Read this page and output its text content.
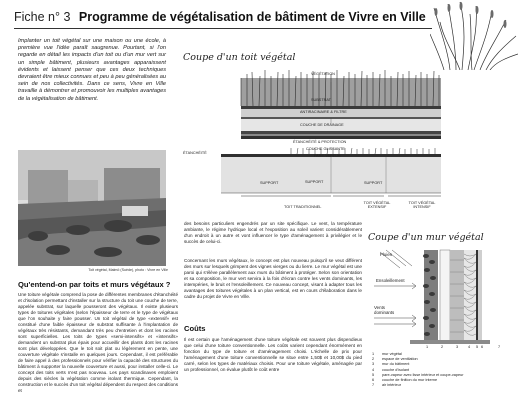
Fiche n° 3 Programme de végétalisation de bâtiment de Vivre en Ville

Implanter un toit végétal sur une maison ou une école, à première vue l'idée paraît saugrenue. Pourtant, si l'on regarde en détail les impacts d'un toit ou d'un mur vert sur un simple bâtiment, plusieurs avantages apparaissent évidents et laissent penser que ces deux techniques devraient être mieux connues et peu à peu généralisées au sein de nos collectivités. Dans ce sens, Vivre en Ville travaille à démontrer et promouvoir les multiples avantages de la végétalisation de bâtiment.

Toit végétal, Malmö (Suède), photo : Vivre en Ville
Qu'entend-on par toits et murs végétaux ?

Une toiture végétale comprend la pose de différentes membranes d'étanchéité et d'isolation permettant d'installer sur la structure du toit une couche de terre, appelée substrat, sur laquelle pousseront des végétaux. Il existe plusieurs types de toitures végétales (selon l'épaisseur de terre et le type de végétaux que l'on souhaite y faire pousser. Un toit végétal de type «extensif» est constitué d'une faible épaisseur de substrat suffisante à l'implantation de végétaux très résistants, demandant très peu d'entretien et dont les racines sont superficielles. Les toits de types «semi-intensifs» et «intensifs» demandent un substrat plus épais pour accueillir des plants dont les racines sont plus développées. Que le toit soit plat ou légèrement en pente, une couverture végétale s'installe en quelques jours. Cependant, il est préférable de faire appel à des professionnels pour vérifier la capacité des structures du bâtiment à supporter la nouvelle couverture et aussi, pour installer celle-ci. Le concept des toits verts n'est pas nouveau. Les pays scandinaves emploient depuis des siècles la végétation comme isolant thermique. Cependant, la construction et le succès d'un toit végétal dépendent du respect des conditions et

Coupe d'un toit végétal
VÉGÉTATION
SUBSTRAT
ANTIRACINAIRE & FILTRE
COUCHE DE DRAINAGE
ÉTANCHÉITÉ & PROTECTION
COUCHE GLISSANTE
PARE-VAPEUR
SUPPORT
ÉTANCHÉITÉ
SUPPORT	SUPPORT
TOIT TRADITIONNEL
TOIT VÉGÉTAL EXTENSIF
TOIT VÉGÉTAL INTENSIF

des besoins particuliers engendrés par un site spécifique. Le vent, la température ambiante, le régime hydrique local et l'exposition au soleil varient considérablement d'un endroit à un autre et vont influencer le type d'aménagement à privilégier et le succès de celui-ci.

Concernant les murs végétaux, le concept est plus nouveau puisqu'il se veut différent des murs sur lesquels grimpent des vignes vierges ou du lierre. Le mur végétal est une paroi qui s'élève parallèlement aux murs du bâtiment à protéger. Selon son orientation et sa composition, le mur vert servira à la fois d'écran contre les vents dominants, les intempéries, le bruit et l'ensoleillement. Ce nouveau concept, visant à adapter tous les avantages des toitures végétales à un plan vertical, est en cours d'élaboration dans le cadre du projet de Vivre en Ville.

Coûts

Il est certain que l'aménagement d'une toiture végétale est souvent plus dispendieux que celui d'une toiture conventionnelle. Les coûts varient cependant énormément en fonction du type de toiture et d'aménagement choisi. L'échelle de prix pour l'aménagement d'une toiture conventionnelle se situe entre 1,50$ et 10,00$ du pied carré, selon les types de matériaux choisis. Pour une toiture végétale, aménagée par un professionnel, on évalue plutôt le coût entre

Coupe d'un mur végétal
Pluies
Ensoleillement
Vents dominants
1	2	3	4 5 6	7
1	mur végétal
2	espace de ventilation
3	mur du bâtiment
4	couche d'isolant
5	pare-vapeur avec lisse intérieur et coupe-vapeur
6	couche de finition du mur interne
7	air intérieur
